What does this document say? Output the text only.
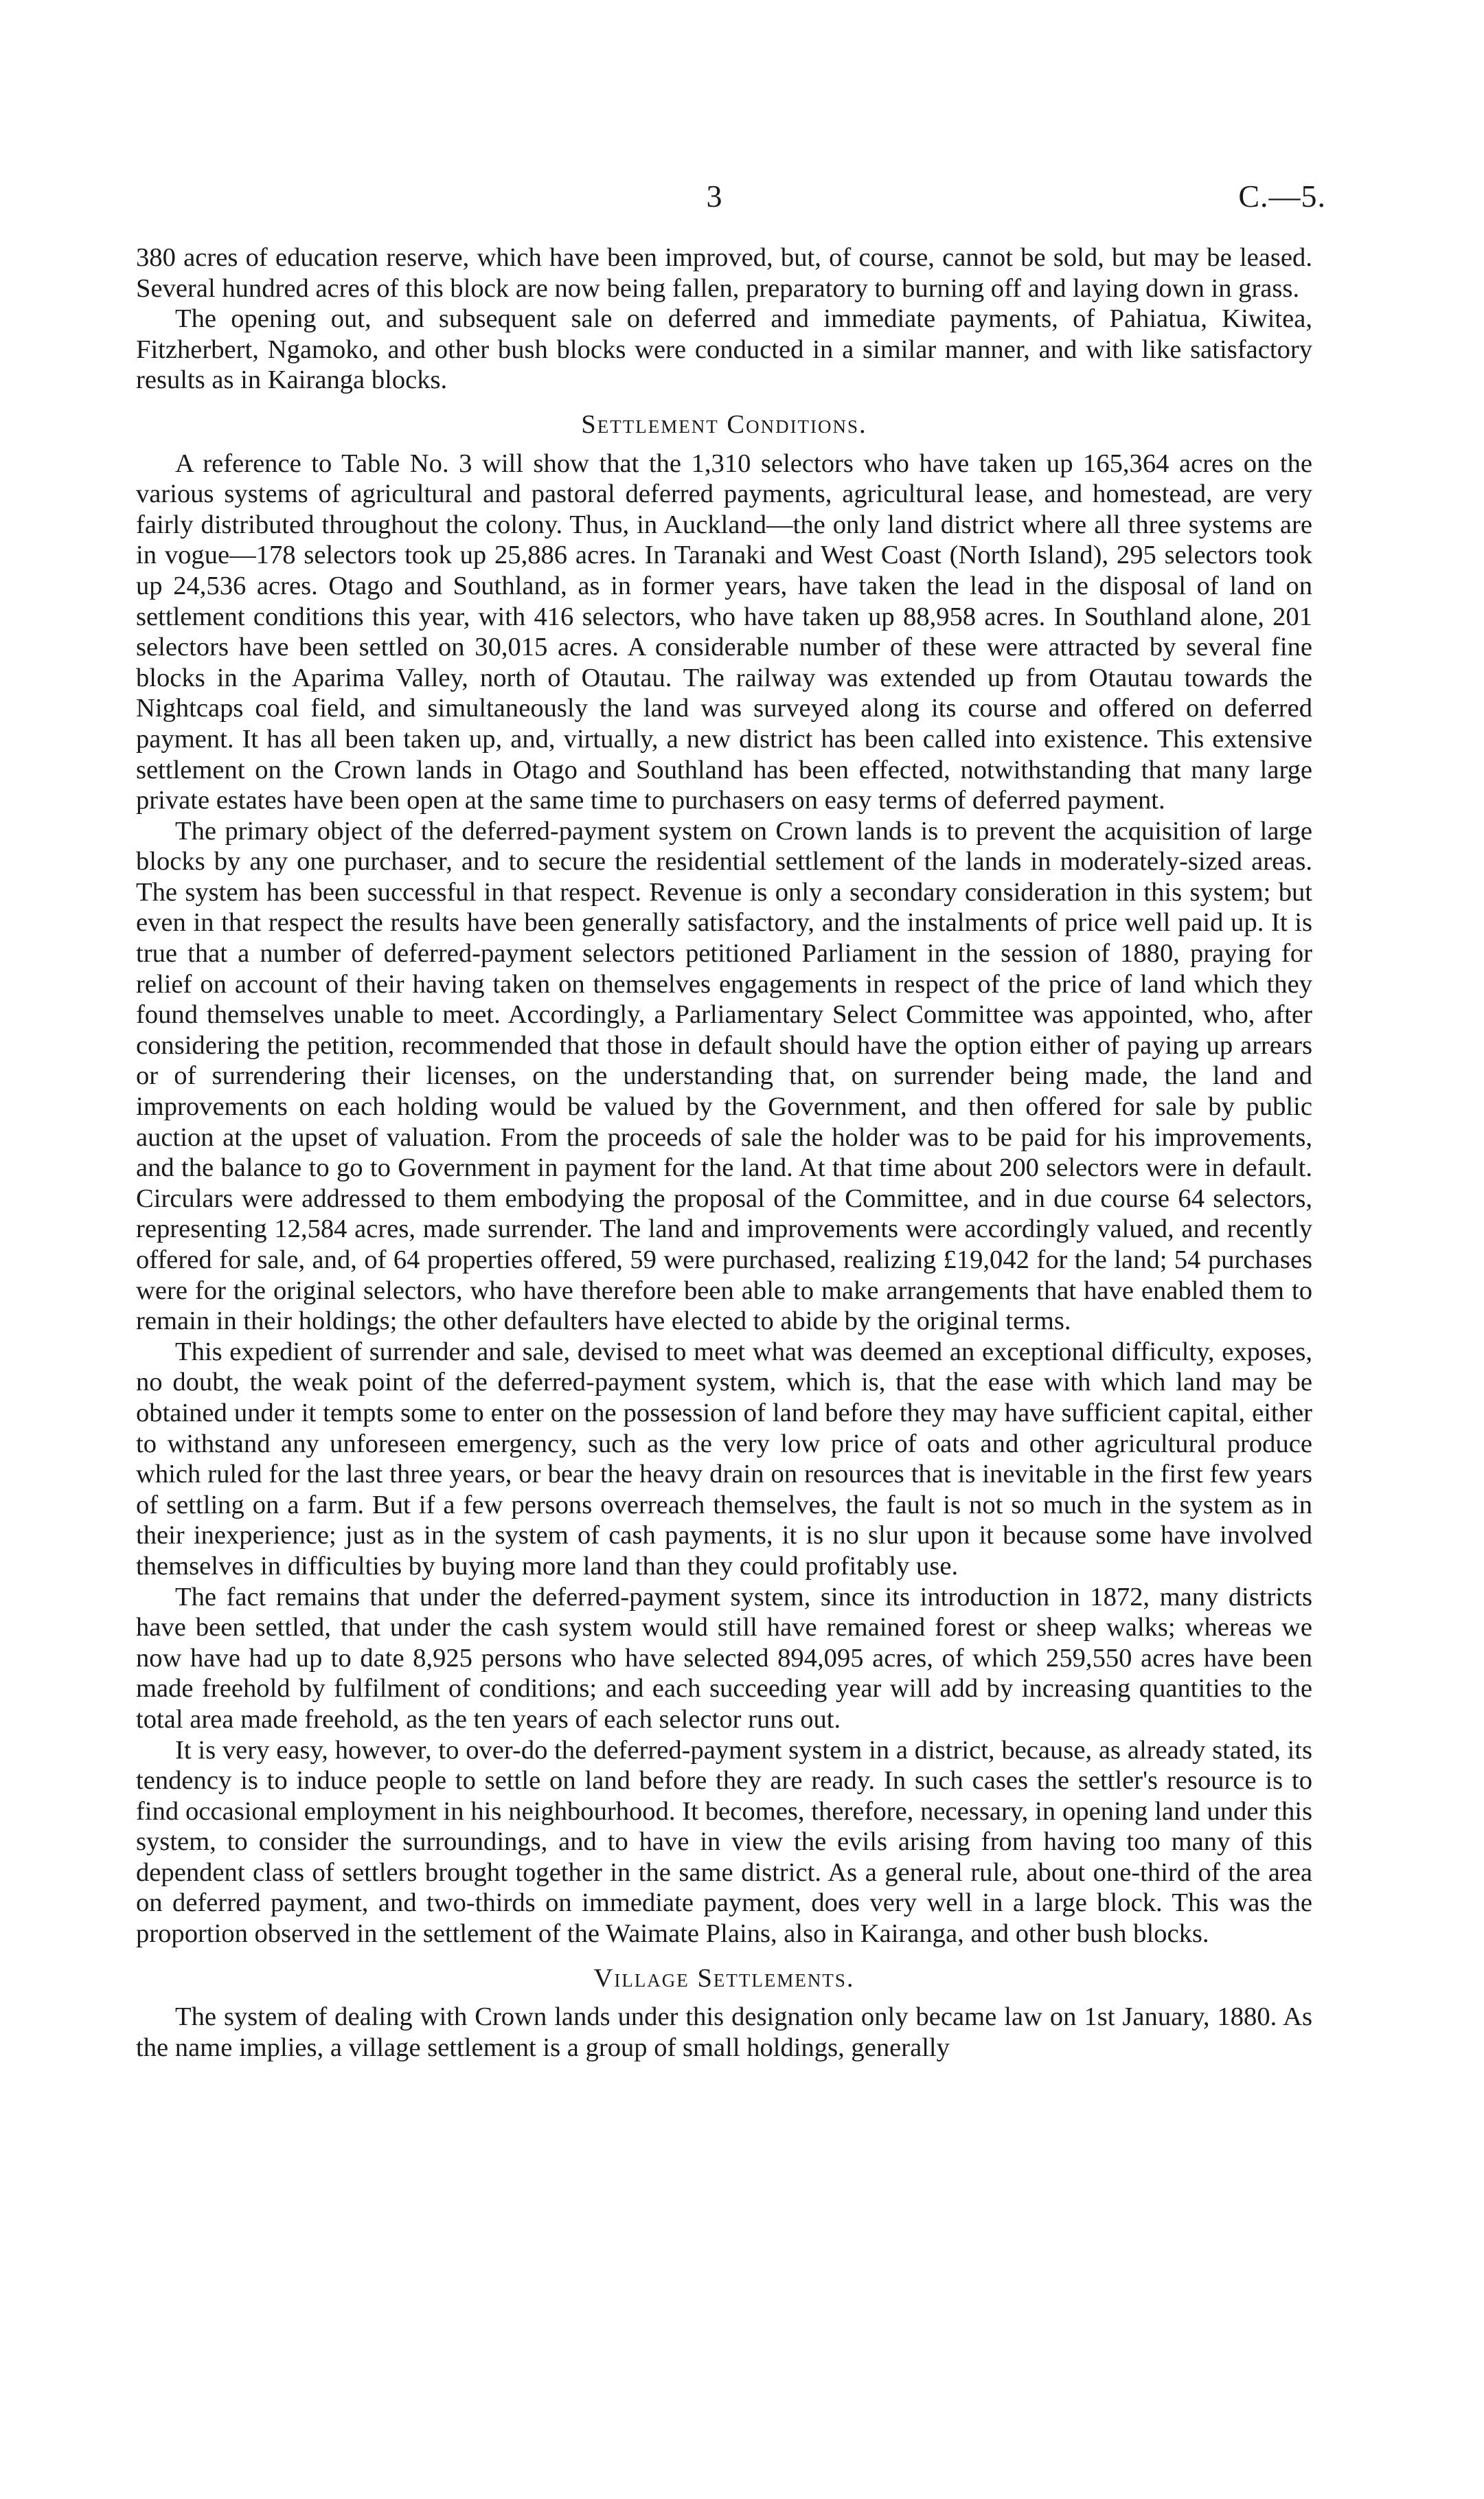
3	C.—5.

380 acres of education reserve, which have been improved, but, of course, cannot be sold, but may be leased. Several hundred acres of this block are now being fallen, preparatory to burning off and laying down in grass.

The opening out, and subsequent sale on deferred and immediate payments, of Pahiatua, Kiwitea, Fitzherbert, Ngamoko, and other bush blocks were conducted in a similar manner, and with like satisfactory results as in Kairanga blocks.

Settlement Conditions.

A reference to Table No. 3 will show that the 1,310 selectors who have taken up 165,364 acres on the various systems of agricultural and pastoral deferred payments, agricultural lease, and homestead, are very fairly distributed throughout the colony. Thus, in Auckland—the only land district where all three systems are in vogue—178 selectors took up 25,886 acres. In Taranaki and West Coast (North Island), 295 selectors took up 24,536 acres. Otago and Southland, as in former years, have taken the lead in the disposal of land on settlement conditions this year, with 416 selectors, who have taken up 88,958 acres. In Southland alone, 201 selectors have been settled on 30,015 acres. A considerable number of these were attracted by several fine blocks in the Aparima Valley, north of Otautau. The railway was extended up from Otautau towards the Nightcaps coal field, and simultaneously the land was surveyed along its course and offered on deferred payment. It has all been taken up, and, virtually, a new district has been called into existence. This extensive settlement on the Crown lands in Otago and Southland has been effected, notwithstanding that many large private estates have been open at the same time to purchasers on easy terms of deferred payment.

The primary object of the deferred-payment system on Crown lands is to prevent the acquisition of large blocks by any one purchaser, and to secure the residential settlement of the lands in moderately-sized areas. The system has been successful in that respect. Revenue is only a secondary consideration in this system; but even in that respect the results have been generally satisfactory, and the instalments of price well paid up. It is true that a number of deferred-payment selectors petitioned Parliament in the session of 1880, praying for relief on account of their having taken on themselves engagements in respect of the price of land which they found themselves unable to meet. Accordingly, a Parliamentary Select Committee was appointed, who, after considering the petition, recommended that those in default should have the option either of paying up arrears or of surrendering their licenses, on the understanding that, on surrender being made, the land and improvements on each holding would be valued by the Government, and then offered for sale by public auction at the upset of valuation. From the proceeds of sale the holder was to be paid for his improvements, and the balance to go to Government in payment for the land. At that time about 200 selectors were in default. Circulars were addressed to them embodying the proposal of the Committee, and in due course 64 selectors, representing 12,584 acres, made surrender. The land and improvements were accordingly valued, and recently offered for sale, and, of 64 properties offered, 59 were purchased, realizing £19,042 for the land; 54 purchases were for the original selectors, who have therefore been able to make arrangements that have enabled them to remain in their holdings; the other defaulters have elected to abide by the original terms.

This expedient of surrender and sale, devised to meet what was deemed an exceptional difficulty, exposes, no doubt, the weak point of the deferred-payment system, which is, that the ease with which land may be obtained under it tempts some to enter on the possession of land before they may have sufficient capital, either to withstand any unforeseen emergency, such as the very low price of oats and other agricultural produce which ruled for the last three years, or bear the heavy drain on resources that is inevitable in the first few years of settling on a farm. But if a few persons overreach themselves, the fault is not so much in the system as in their inexperience; just as in the system of cash payments, it is no slur upon it because some have involved themselves in difficulties by buying more land than they could profitably use.

The fact remains that under the deferred-payment system, since its introduction in 1872, many districts have been settled, that under the cash system would still have remained forest or sheep walks; whereas we now have had up to date 8,925 persons who have selected 894,095 acres, of which 259,550 acres have been made freehold by fulfilment of conditions; and each succeeding year will add by increasing quantities to the total area made freehold, as the ten years of each selector runs out.

It is very easy, however, to over-do the deferred-payment system in a district, because, as already stated, its tendency is to induce people to settle on land before they are ready. In such cases the settler's resource is to find occasional employment in his neighbourhood. It becomes, therefore, necessary, in opening land under this system, to consider the surroundings, and to have in view the evils arising from having too many of this dependent class of settlers brought together in the same district. As a general rule, about one-third of the area on deferred payment, and two-thirds on immediate payment, does very well in a large block. This was the proportion observed in the settlement of the Waimate Plains, also in Kairanga, and other bush blocks.

Village Settlements.

The system of dealing with Crown lands under this designation only became law on 1st January, 1880. As the name implies, a village settlement is a group of small holdings, generally
